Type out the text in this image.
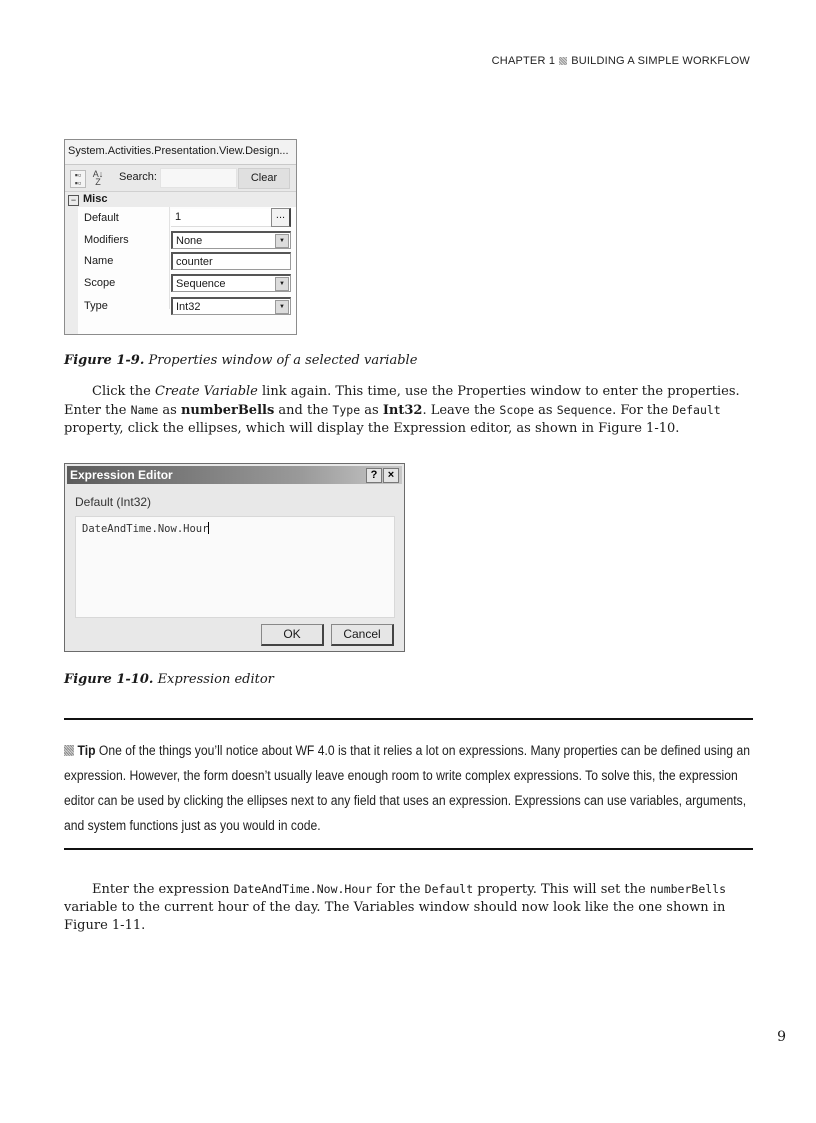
CHAPTER 1 BUILDING A SIMPLE WORKFLOW
System.Activities.Presentation.View.Design...
▪▫
▪▫
A↓
Z	Search:	Clear
− Misc
Default	1	...
Modifiers	None	▼
Name	counter
Scope	Sequence	▼
Type	Int32	▼
Figure 1-9. Properties window of a selected variable
Click the Create Variable link again. This time, use the Properties window to enter the properties. Enter the Name as numberBells and the Type as Int32. Leave the Scope as Sequence. For the Default property, click the ellipses, which will display the Expression editor, as shown in Figure 1-10.
Expression Editor	? ×
Default (Int32)
DateAndTime.Now.Hour
OK	Cancel
Figure 1-10. Expression editor
Tip One of the things you’ll notice about WF 4.0 is that it relies a lot on expressions. Many properties can be defined using an expression. However, the form doesn’t usually leave enough room to write complex expressions. To solve this, the expression editor can be used by clicking the ellipses next to any field that uses an expression. Expressions can use variables, arguments, and system functions just as you would in code.
Enter the expression DateAndTime.Now.Hour for the Default property. This will set the numberBells variable to the current hour of the day. The Variables window should now look like the one shown in Figure 1-11.
9
